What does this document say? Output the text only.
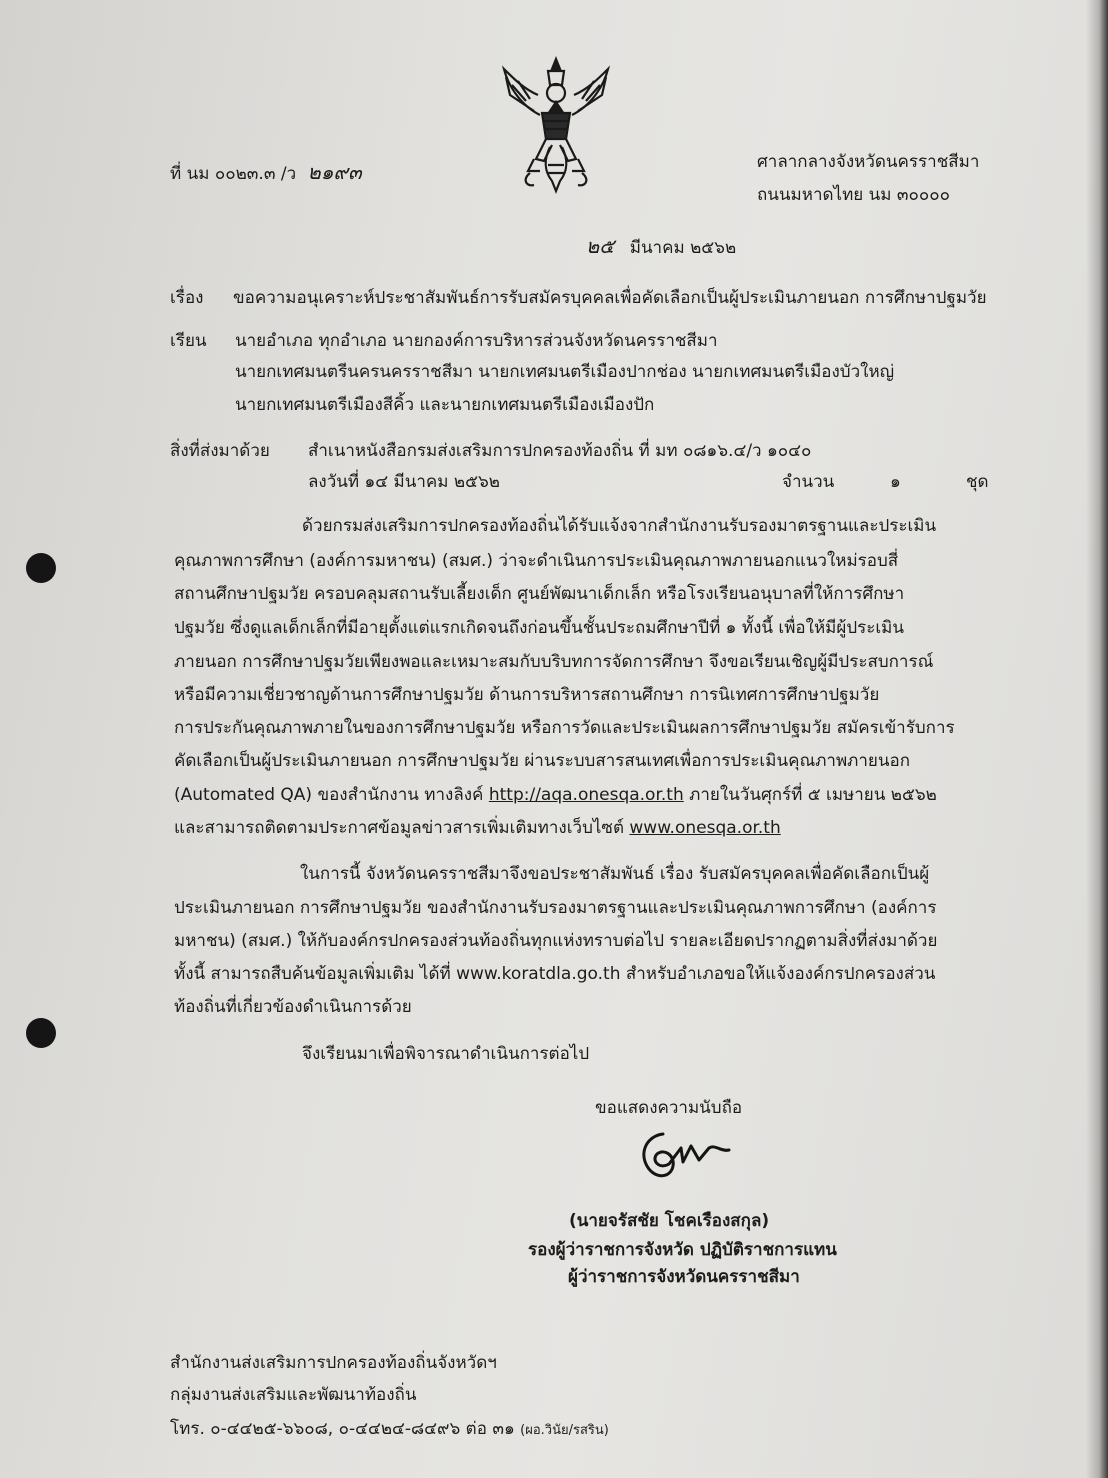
ที่ นม ๐๐๒๓.๓ /ว ๒๑๙๓	ศาลากลางจังหวัดนครราชสีมา
ถนนมหาดไทย นม ๓๐๐๐๐
๒๕ มีนาคม ๒๕๖๒
เรื่อง ขอความอนุเคราะห์ประชาสัมพันธ์การรับสมัครบุคคลเพื่อคัดเลือกเป็นผู้ประเมินภายนอก การศึกษาปฐมวัย
เรียน นายอำเภอ ทุกอำเภอ นายกองค์การบริหารส่วนจังหวัดนครราชสีมา
นายกเทศมนตรีนครนครราชสีมา นายกเทศมนตรีเมืองปากช่อง นายกเทศมนตรีเมืองบัวใหญ่
นายกเทศมนตรีเมืองสีคิ้ว และนายกเทศมนตรีเมืองเมืองปัก
สิ่งที่ส่งมาด้วย สำเนาหนังสือกรมส่งเสริมการปกครองท้องถิ่น ที่ มท ๐๘๑๖.๔/ว ๑๐๔๐
ลงวันที่ ๑๔ มีนาคม ๒๕๖๒	จำนวน	๑	ชุด
ด้วยกรมส่งเสริมการปกครองท้องถิ่นได้รับแจ้งจากสำนักงานรับรองมาตรฐานและประเมิน
คุณภาพการศึกษา (องค์การมหาชน) (สมศ.) ว่าจะดำเนินการประเมินคุณภาพภายนอกแนวใหม่รอบสี่
สถานศึกษาปฐมวัย ครอบคลุมสถานรับเลี้ยงเด็ก ศูนย์พัฒนาเด็กเล็ก หรือโรงเรียนอนุบาลที่ให้การศึกษา
ปฐมวัย ซึ่งดูแลเด็กเล็กที่มีอายุตั้งแต่แรกเกิดจนถึงก่อนขึ้นชั้นประถมศึกษาปีที่ ๑ ทั้งนี้ เพื่อให้มีผู้ประเมิน
ภายนอก การศึกษาปฐมวัยเพียงพอและเหมาะสมกับบริบทการจัดการศึกษา จึงขอเรียนเชิญผู้มีประสบการณ์
หรือมีความเชี่ยวชาญด้านการศึกษาปฐมวัย ด้านการบริหารสถานศึกษา การนิเทศการศึกษาปฐมวัย
การประกันคุณภาพภายในของการศึกษาปฐมวัย หรือการวัดและประเมินผลการศึกษาปฐมวัย สมัครเข้ารับการ
คัดเลือกเป็นผู้ประเมินภายนอก การศึกษาปฐมวัย ผ่านระบบสารสนเทศเพื่อการประเมินคุณภาพภายนอก
(Automated QA) ของสำนักงาน ทางลิงค์ http://aqa.onesqa.or.th ภายในวันศุกร์ที่ ๕ เมษายน ๒๕๖๒
และสามารถติดตามประกาศข้อมูลข่าวสารเพิ่มเติมทางเว็บไซต์ www.onesqa.or.th
ในการนี้ จังหวัดนครราชสีมาจึงขอประชาสัมพันธ์ เรื่อง รับสมัครบุคคลเพื่อคัดเลือกเป็นผู้
ประเมินภายนอก การศึกษาปฐมวัย ของสำนักงานรับรองมาตรฐานและประเมินคุณภาพการศึกษา (องค์การ
มหาชน) (สมศ.) ให้กับองค์กรปกครองส่วนท้องถิ่นทุกแห่งทราบต่อไป รายละเอียดปรากฏตามสิ่งที่ส่งมาด้วย
ทั้งนี้ สามารถสืบค้นข้อมูลเพิ่มเติม ได้ที่ www.koratdla.go.th สำหรับอำเภอขอให้แจ้งองค์กรปกครองส่วน
ท้องถิ่นที่เกี่ยวข้องดำเนินการด้วย
จึงเรียนมาเพื่อพิจารณาดำเนินการต่อไป
ขอแสดงความนับถือ
(นายจรัสชัย โชคเรืองสกุล)
รองผู้ว่าราชการจังหวัด ปฏิบัติราชการแทน
ผู้ว่าราชการจังหวัดนครราชสีมา
สำนักงานส่งเสริมการปกครองท้องถิ่นจังหวัดฯ
กลุ่มงานส่งเสริมและพัฒนาท้องถิ่น
โทร. ๐-๔๔๒๕-๖๖๐๘, ๐-๔๔๒๔-๘๔๙๖ ต่อ ๓๑ (ผอ.วินัย/รสริน)
